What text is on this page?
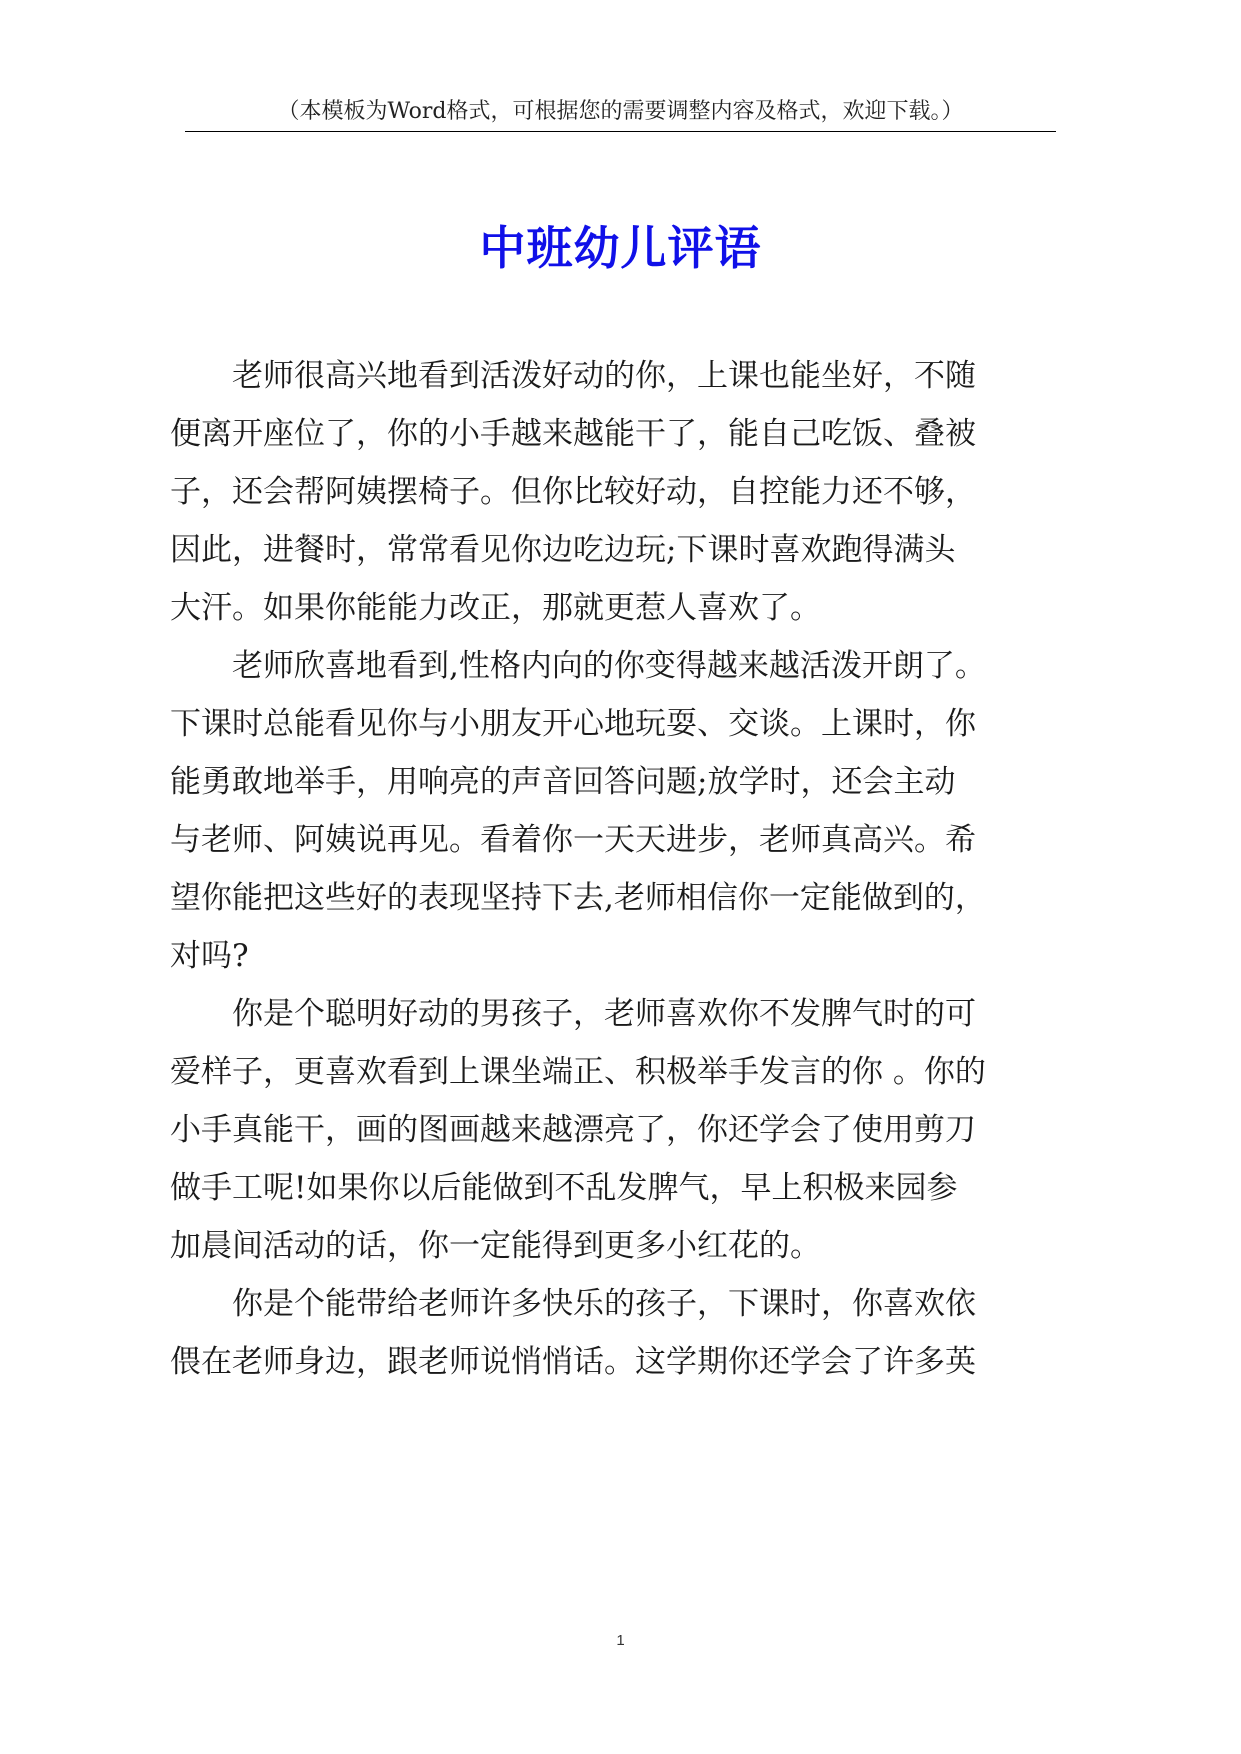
（本模板为Word格式，可根据您的需要调整内容及格式，欢迎下载。）
中班幼儿评语
老师很高兴地看到活泼好动的你，上课也能坐好，不随
便离开座位了，你的小手越来越能干了，能自己吃饭、叠被
子，还会帮阿姨摆椅子。但你比较好动，自控能力还不够，
因此，进餐时，常常看见你边吃边玩;下课时喜欢跑得满头
大汗。如果你能能力改正，那就更惹人喜欢了。
老师欣喜地看到,性格内向的你变得越来越活泼开朗了。
下课时总能看见你与小朋友开心地玩耍、交谈。上课时，你
能勇敢地举手，用响亮的声音回答问题;放学时，还会主动
与老师、阿姨说再见。看着你一天天进步，老师真高兴。希
望你能把这些好的表现坚持下去,老师相信你一定能做到的，
对吗?
你是个聪明好动的男孩子，老师喜欢你不发脾气时的可
爱样子，更喜欢看到上课坐端正、积极举手发言的你 。你的
小手真能干，画的图画越来越漂亮了，你还学会了使用剪刀
做手工呢!如果你以后能做到不乱发脾气，早上积极来园参
加晨间活动的话，你一定能得到更多小红花的。
你是个能带给老师许多快乐的孩子，下课时，你喜欢依
偎在老师身边，跟老师说悄悄话。这学期你还学会了许多英
1
